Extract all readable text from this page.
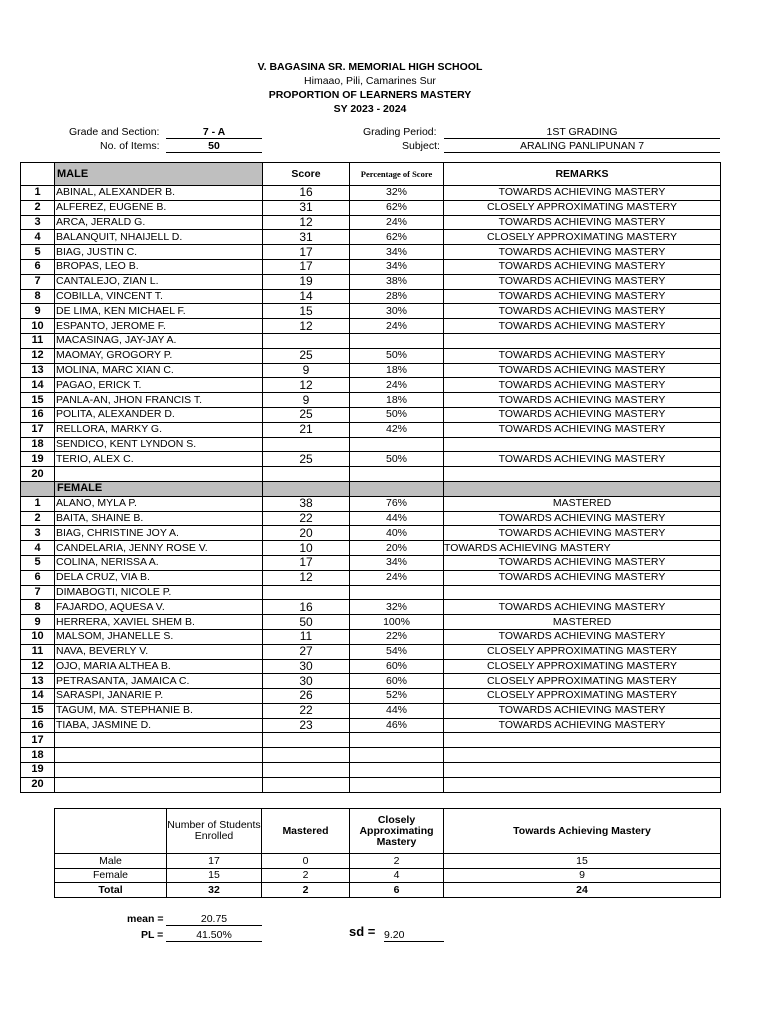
V. BAGASINA SR. MEMORIAL HIGH SCHOOL
Himaao, Pili, Camarines Sur
PROPORTION OF LEARNERS MASTERY
SY 2023 - 2024
Grade and Section:	7 - A
No. of Items:	50
Grading Period:	1ST GRADING
Subject:	ARALING PANLIPUNAN 7
	MALE	Score	Percentage of Score	REMARKS
1	ABINAL, ALEXANDER B.	16	32%	TOWARDS ACHIEVING MASTERY
2	ALFEREZ, EUGENE B.	31	62%	CLOSELY APPROXIMATING MASTERY
3	ARCA, JERALD G.	12	24%	TOWARDS ACHIEVING MASTERY
4	BALANQUIT, NHAIJELL D.	31	62%	CLOSELY APPROXIMATING MASTERY
5	BIAG, JUSTIN C.	17	34%	TOWARDS ACHIEVING MASTERY
6	BROPAS, LEO B.	17	34%	TOWARDS ACHIEVING MASTERY
7	CANTALEJO, ZIAN L.	19	38%	TOWARDS ACHIEVING MASTERY
8	COBILLA, VINCENT T.	14	28%	TOWARDS ACHIEVING MASTERY
9	DE LIMA, KEN MICHAEL F.	15	30%	TOWARDS ACHIEVING MASTERY
10	ESPANTO, JEROME F.	12	24%	TOWARDS ACHIEVING MASTERY
11	MACASINAG, JAY-JAY A.			
12	MAOMAY, GROGORY P.	25	50%	TOWARDS ACHIEVING MASTERY
13	MOLINA, MARC XIAN C.	9	18%	TOWARDS ACHIEVING MASTERY
14	PAGAO, ERICK T.	12	24%	TOWARDS ACHIEVING MASTERY
15	PANLA-AN, JHON FRANCIS T.	9	18%	TOWARDS ACHIEVING MASTERY
16	POLITA, ALEXANDER D.	25	50%	TOWARDS ACHIEVING MASTERY
17	RELLORA, MARKY G.	21	42%	TOWARDS ACHIEVING MASTERY
18	SENDICO, KENT LYNDON S.			
19	TERIO, ALEX C.	25	50%	TOWARDS ACHIEVING MASTERY
20				
	FEMALE			
1	ALANO, MYLA P.	38	76%	MASTERED
2	BAITA, SHAINE B.	22	44%	TOWARDS ACHIEVING MASTERY
3	BIAG, CHRISTINE JOY A.	20	40%	TOWARDS ACHIEVING MASTERY
4	CANDELARIA, JENNY ROSE V.	10	20%	TOWARDS ACHIEVING MASTERY
5	COLINA, NERISSA A.	17	34%	TOWARDS ACHIEVING MASTERY
6	DELA CRUZ, VIA B.	12	24%	TOWARDS ACHIEVING MASTERY
7	DIMABOGTI, NICOLE P.			
8	FAJARDO, AQUESA V.	16	32%	TOWARDS ACHIEVING MASTERY
9	HERRERA, XAVIEL SHEM B.	50	100%	MASTERED
10	MALSOM, JHANELLE S.	11	22%	TOWARDS ACHIEVING MASTERY
11	NAVA, BEVERLY V.	27	54%	CLOSELY APPROXIMATING MASTERY
12	OJO, MARIA ALTHEA B.	30	60%	CLOSELY APPROXIMATING MASTERY
13	PETRASANTA, JAMAICA C.	30	60%	CLOSELY APPROXIMATING MASTERY
14	SARASPI, JANARIE P.	26	52%	CLOSELY APPROXIMATING MASTERY
15	TAGUM, MA. STEPHANIE B.	22	44%	TOWARDS ACHIEVING MASTERY
16	TIABA, JASMINE D.	23	46%	TOWARDS ACHIEVING MASTERY
17				
18				
19				
20				
	Number of Students Enrolled	Mastered	Closely Approximating Mastery	Towards Achieving Mastery
Male	17	0	2	15
Female	15	2	4	9
Total	32	2	6	24
mean =	20.75
PL =	41.50%	sd = 9.20
